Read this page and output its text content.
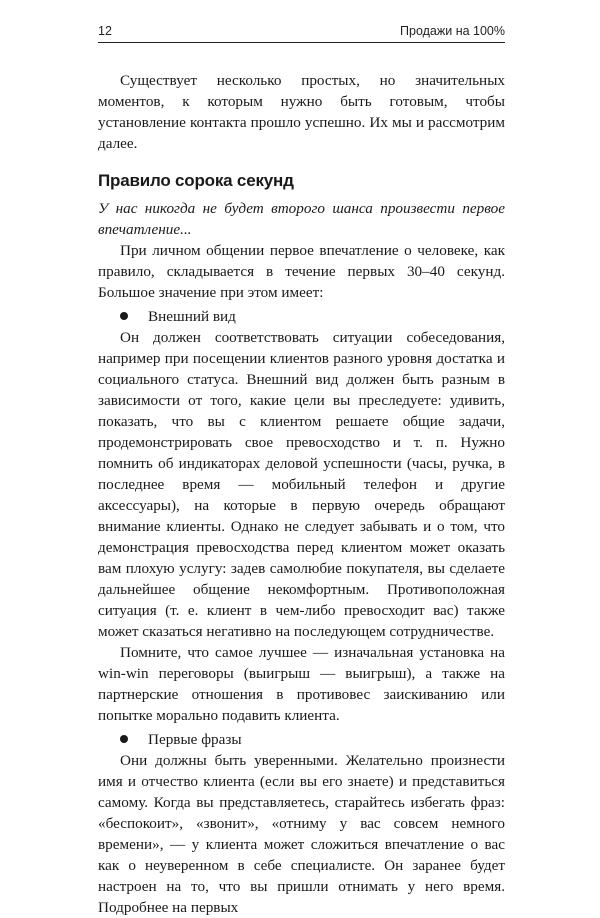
12	Продажи на 100%

Существует несколько простых, но значительных моментов, к которым нужно быть готовым, чтобы установление контакта прошло успешно. Их мы и рассмотрим далее.

Правило сорока секунд

У нас никогда не будет второго шанса произвести первое впечатление...

При личном общении первое впечатление о человеке, как правило, складывается в течение первых 30–40 секунд. Большое значение при этом имеет:

Внешний вид

Он должен соответствовать ситуации собеседования, например при посещении клиентов разного уровня достатка и социального статуса. Внешний вид должен быть разным в зависимости от того, какие цели вы преследуете: удивить, показать, что вы с клиентом решаете общие задачи, продемонстрировать свое превосходство и т. п. Нужно помнить об индикаторах деловой успешности (часы, ручка, в последнее время — мобильный телефон и другие аксессуары), на которые в первую очередь обращают внимание клиенты. Однако не следует забывать и о том, что демонстрация превосходства перед клиентом может оказать вам плохую услугу: задев самолюбие покупателя, вы сделаете дальнейшее общение некомфортным. Противоположная ситуация (т. е. клиент в чем-либо превосходит вас) также может сказаться негативно на последующем сотрудничестве.

Помните, что самое лучшее — изначальная установка на win-win переговоры (выигрыш — выигрыш), а также на партнерские отношения в противовес заискиванию или попытке морально подавить клиента.

Первые фразы

Они должны быть уверенными. Желательно произнести имя и отчество клиента (если вы его знаете) и представиться самому. Когда вы представляетесь, старайтесь избегать фраз: «беспокоит», «звонит», «отниму у вас совсем немного времени», — у клиента может сложиться впечатление о вас как о неуверенном в себе специалисте. Он заранее будет настроен на то, что вы пришли отнимать у него время. Подробнее на первых
